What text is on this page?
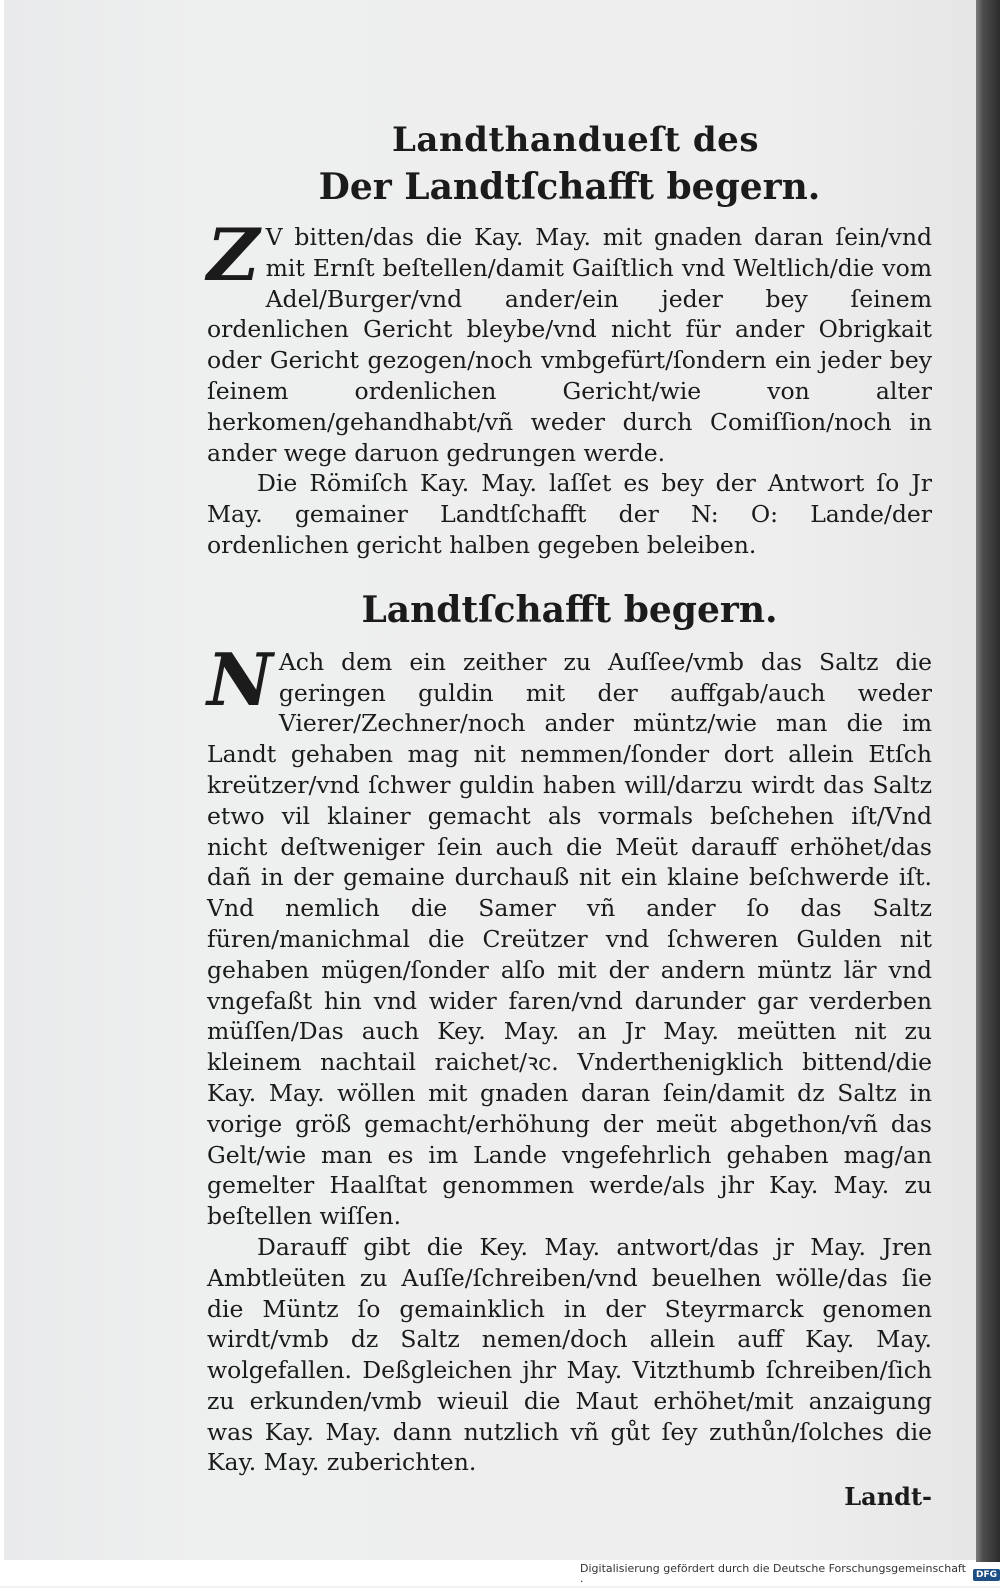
Landthandueſt des
Der Landtſchafft begern.

Z V bitten/das die Kay. May. mit gnaden daran ſein/vnd mit Ernſt beſtellen/damit Gaiſtlich vnd Weltlich/die vom Adel/Burger/vnd ander/ein jeder bey ſeinem ordenlichen Gericht bleybe/vnd nicht für ander Obrigkait oder Gericht gezogen/noch vmbgefürt/ſondern ein jeder bey ſeinem ordenlichen Gericht/wie von alter herkomen/gehandhabt/vñ weder durch Comiſſion/noch in ander wege daruon gedrungen werde.

Die Römiſch Kay. May. laſſet es bey der Antwort ſo Jr May. gemainer Landtſchafft der N: O: Lande/der ordenlichen gericht halben gegeben beleiben.

Landtſchafft begern.

N Ach dem ein zeither zu Auſſee/vmb das Saltz die geringen guldin mit der auffgab/auch weder Vierer/Zechner/noch ander müntz/wie man die im Landt gehaben mag nit nemmen/ſonder dort allein Etſch kreützer/vnd ſchwer guldin haben will/darzu wirdt das Saltz etwo vil klainer gemacht als vormals beſchehen iſt/Vnd nicht deſtweniger ſein auch die Meüt darauff erhöhet/das dañ in der gemaine durchauß nit ein klaine beſchwerde iſt. Vnd nemlich die Samer vñ ander ſo das Saltz füren/manichmal die Creützer vnd ſchweren Gulden nit gehaben mügen/ſonder alſo mit der andern müntz lär vnd vngefaßt hin vnd wider faren/vnd darunder gar verderben müſſen/Das auch Key. May. an Jr May. meütten nit zu kleinem nachtail raichet/ꝛc. Vnderthenigklich bittend/die Kay. May. wöllen mit gnaden daran ſein/damit dz Saltz in vorige größ gemacht/erhöhung der meüt abgethon/vñ das Gelt/wie man es im Lande vngefehrlich gehaben mag/an gemelter Haalſtat genommen werde/als jhr Kay. May. zu beſtellen wiſſen.

Darauff gibt die Key. May. antwort/das jr May. Jren Ambtleüten zu Auſſe/ſchreiben/vnd beuelhen wölle/das ſie die Müntz ſo gemainklich in der Steyrmarck genomen wirdt/vmb dz Saltz nemen/doch allein auff Kay. May. wolgefallen. Deßgleichen jhr May. Vitzthumb ſchreiben/ſich zu erkunden/vmb wieuil die Maut erhöhet/mit anzaigung was Kay. May. dann nutzlich vñ gůt ſey zuthůn/ſolches die Kay. May. zuberichten.

Landt-
Digitalisierung gefördert durch die Deutsche Forschungsgemeinschaft ·	DFG
